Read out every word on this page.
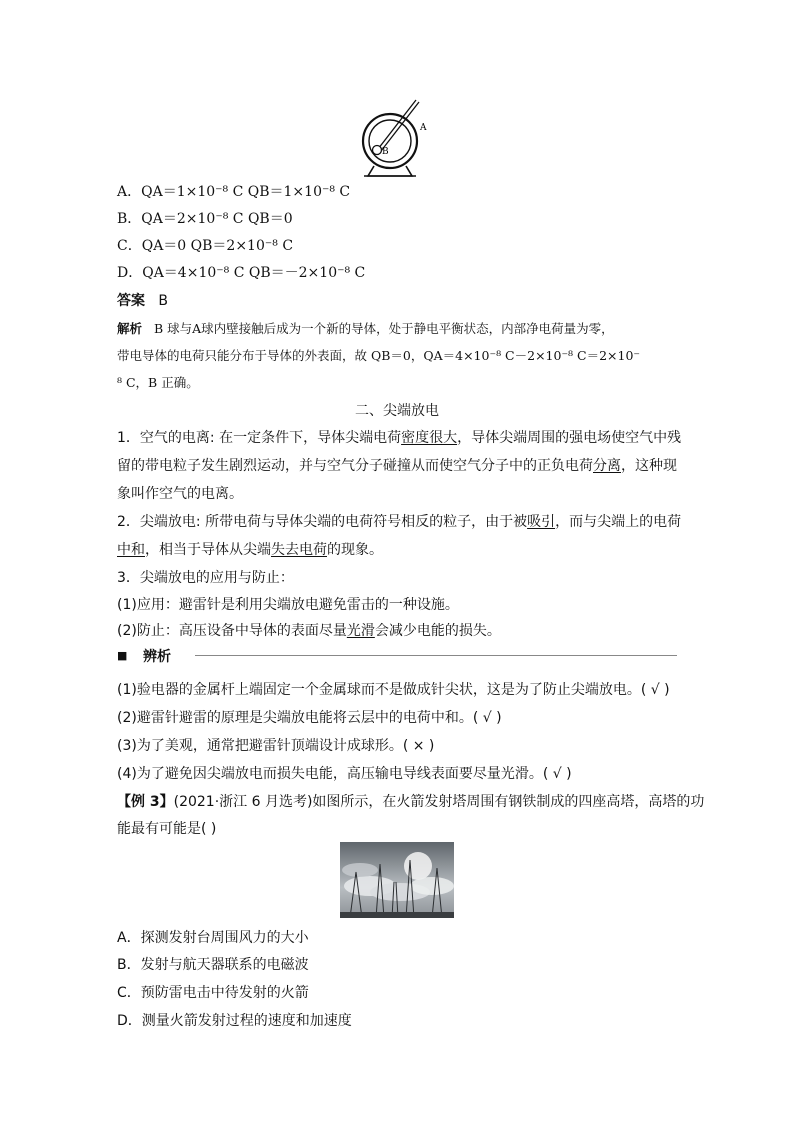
A
B
A．QA＝1×10⁻⁸ C QB＝1×10⁻⁸ C
B．QA＝2×10⁻⁸ C QB＝0
C．QA＝0 QB＝2×10⁻⁸ C
D．QA＝4×10⁻⁸ C QB＝－2×10⁻⁸ C
答案 B
解析 B 球与A球内壁接触后成为一个新的导体，处于静电平衡状态，内部净电荷量为零，
带电导体的电荷只能分布于导体的外表面，故 QB＝0，QA＝4×10⁻⁸ C－2×10⁻⁸ C＝2×10⁻
⁸ C，B 正确。
二、尖端放电
1．空气的电离: 在一定条件下，导体尖端电荷密度很大，导体尖端周围的强电场使空气中残
留的带电粒子发生剧烈运动，并与空气分子碰撞从而使空气分子中的正负电荷分离，这种现
象叫作空气的电离。
2．尖端放电: 所带电荷与导体尖端的电荷符号相反的粒子，由于被吸引，而与尖端上的电荷
中和，相当于导体从尖端失去电荷的现象。
3．尖端放电的应用与防止：
(1)应用：避雷针是利用尖端放电避免雷击的一种设施。
(2)防止：高压设备中导体的表面尽量光滑会减少电能的损失。
■ 辨析
(1)验电器的金属杆上端固定一个金属球而不是做成针尖状，这是为了防止尖端放电。( √ )
(2)避雷针避雷的原理是尖端放电能将云层中的电荷中和。( √ )
(3)为了美观，通常把避雷针顶端设计成球形。( × )
(4)为了避免因尖端放电而损失电能，高压输电导线表面要尽量光滑。( √ )
【例 3】(2021·浙江 6 月选考)如图所示，在火箭发射塔周围有钢铁制成的四座高塔，高塔的功
能最有可能是( )
A．探测发射台周围风力的大小
B．发射与航天器联系的电磁波
C．预防雷电击中待发射的火箭
D．测量火箭发射过程的速度和加速度
